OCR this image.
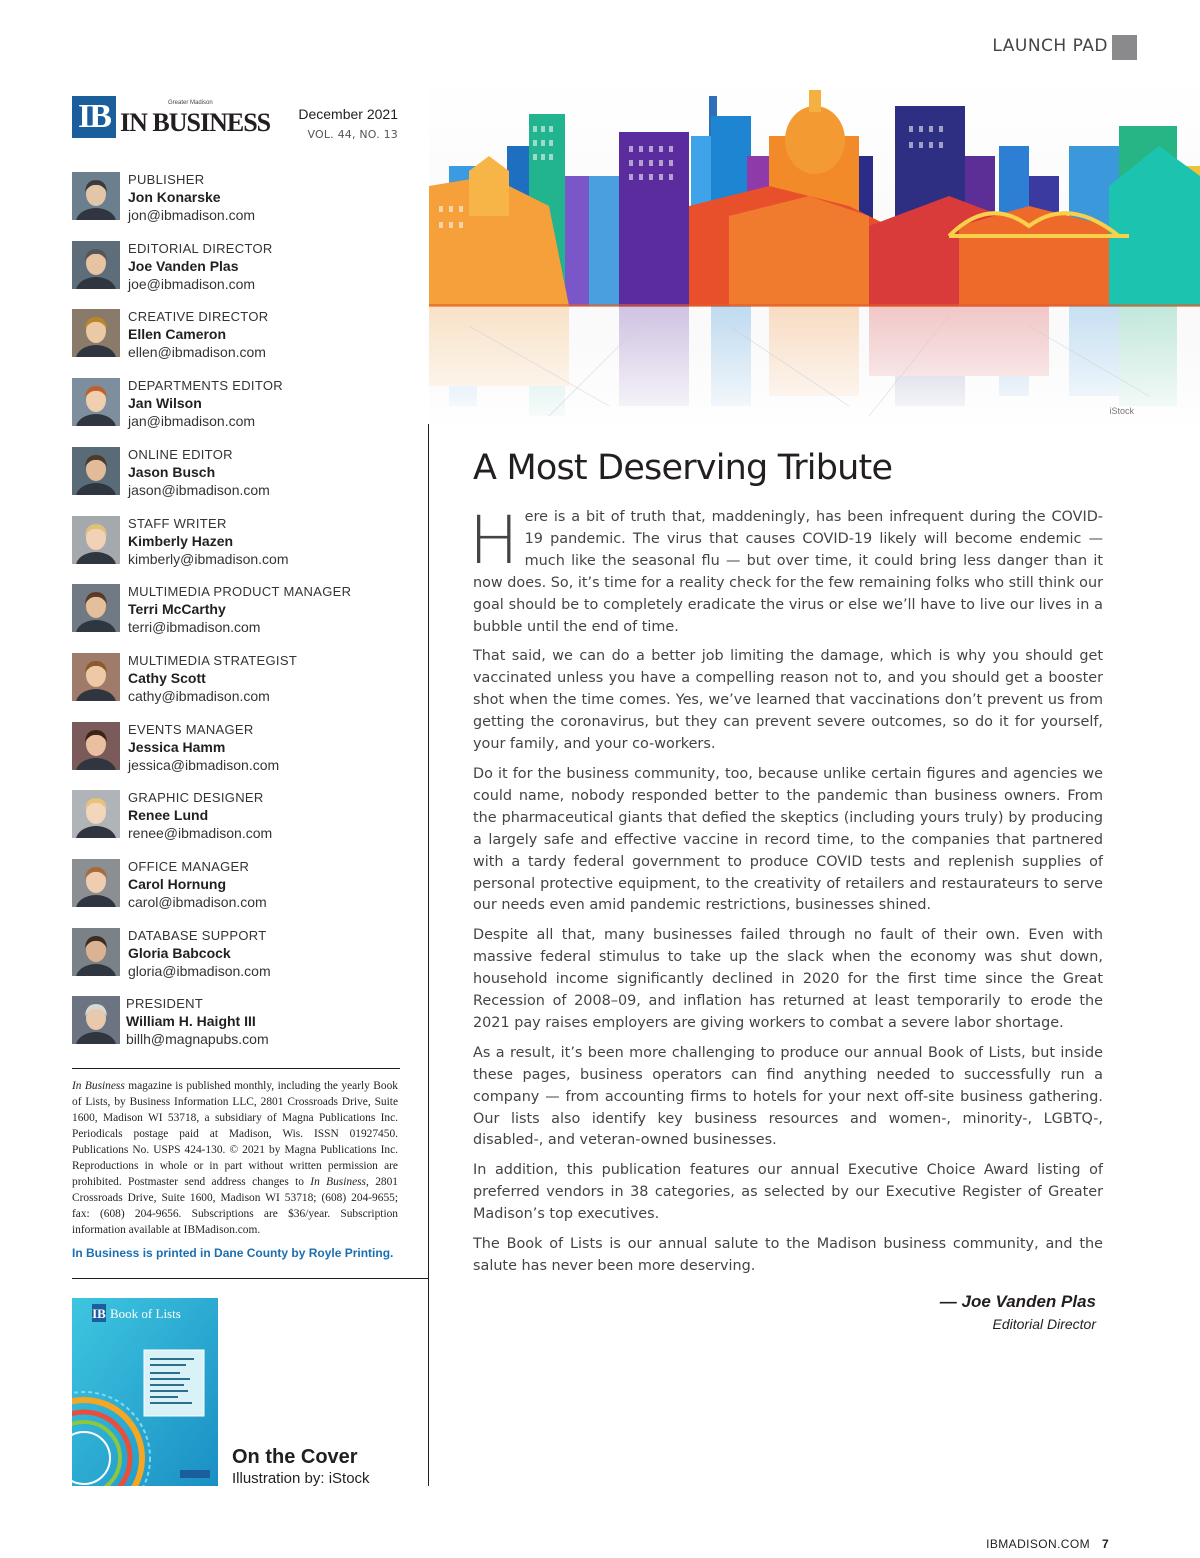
IB	Greater Madison
IN BUSINESS December 2021
VOL. 44, NO. 13
PUBLISHER
Jon Konarske
jon@ibmadison.com
EDITORIAL DIRECTOR
Joe Vanden Plas
joe@ibmadison.com
CREATIVE DIRECTOR
Ellen Cameron
ellen@ibmadison.com
DEPARTMENTS EDITOR
Jan Wilson
jan@ibmadison.com
ONLINE EDITOR
Jason Busch
jason@ibmadison.com
STAFF WRITER
Kimberly Hazen
kimberly@ibmadison.com
MULTIMEDIA PRODUCT MANAGER
Terri McCarthy
terri@ibmadison.com
MULTIMEDIA STRATEGIST
Cathy Scott
cathy@ibmadison.com
EVENTS MANAGER
Jessica Hamm
jessica@ibmadison.com
GRAPHIC DESIGNER
Renee Lund
renee@ibmadison.com
OFFICE MANAGER
Carol Hornung
carol@ibmadison.com
DATABASE SUPPORT
Gloria Babcock
gloria@ibmadison.com
PRESIDENT
William H. Haight III
billh@magnapubs.com
In Business magazine is published monthly, including the yearly Book of Lists, by Business Information LLC, 2801 Crossroads Drive, Suite 1600, Madison WI 53718, a subsidiary of Magna Publications Inc. Periodicals postage paid at Madison, Wis. ISSN 01927450. Publications No. USPS 424-130. © 2021 by Magna Publications Inc. Reproductions in whole or in part without written permission are prohibited. Postmaster send address changes to In Business, 2801 Crossroads Drive, Suite 1600, Madison WI 53718; (608) 204-9655; fax: (608) 204-9656. Subscriptions are $36/year. Subscription information available at IBMadison.com.
In Business is printed in Dane County by Royle Printing.
IB Book of Lists
On the Cover
Illustration by: iStock
LAUNCH PAD
iStock
A Most Deserving Tribute

Here is a bit of truth that, maddeningly, has been infrequent during the COVID-19 pandemic. The virus that causes COVID-19 likely will become endemic — much like the seasonal flu — but over time, it could bring less danger than it now does. So, it’s time for a reality check for the few remaining folks who still think our goal should be to completely eradicate the virus or else we’ll have to live our lives in a bubble until the end of time.

That said, we can do a better job limiting the damage, which is why you should get vaccinated unless you have a compelling reason not to, and you should get a booster shot when the time comes. Yes, we’ve learned that vaccinations don’t prevent us from getting the coronavirus, but they can prevent severe outcomes, so do it for yourself, your family, and your co-workers.

Do it for the business community, too, because unlike certain figures and agencies we could name, nobody responded better to the pandemic than business owners. From the pharmaceutical giants that defied the skeptics (including yours truly) by producing a largely safe and effective vaccine in record time, to the companies that partnered with a tardy federal government to produce COVID tests and replenish supplies of personal protective equipment, to the creativity of retailers and restaurateurs to serve our needs even amid pandemic restrictions, businesses shined.

Despite all that, many businesses failed through no fault of their own. Even with massive federal stimulus to take up the slack when the economy was shut down, household income significantly declined in 2020 for the first time since the Great Recession of 2008–09, and inflation has returned at least temporarily to erode the 2021 pay raises employers are giving workers to combat a severe labor shortage.

As a result, it’s been more challenging to produce our annual Book of Lists, but inside these pages, business operators can find anything needed to successfully run a company — from accounting firms to hotels for your next off-site business gathering. Our lists also identify key business resources and women-, minority-, LGBTQ-, disabled-, and veteran-owned businesses.

In addition, this publication features our annual Executive Choice Award listing of preferred vendors in 38 categories, as selected by our Executive Register of Greater Madison’s top executives.

The Book of Lists is our annual salute to the Madison business community, and the salute has never been more deserving.

— Joe Vanden Plas
Editorial Director
IBMADISON.COM 7
